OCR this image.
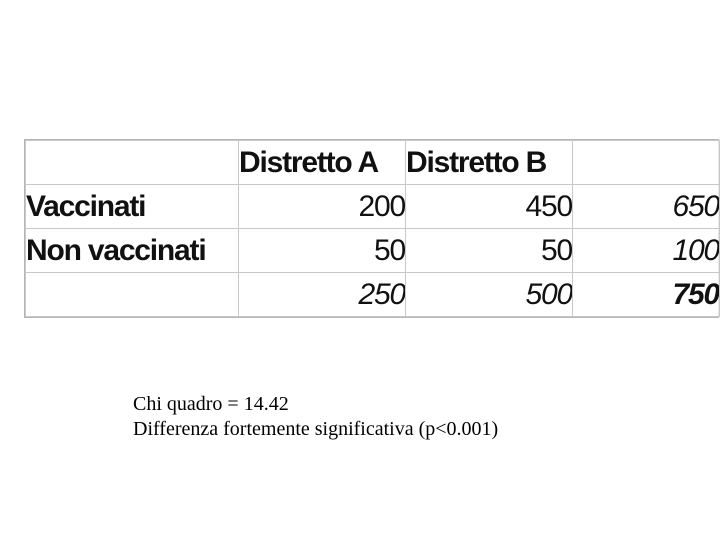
	Distretto A	Distretto B	
Vaccinati	200	450	650
Non vaccinati	50	50	100
	250	500	750
Chi quadro = 14.42
Differenza fortemente significativa (p<0.001)
